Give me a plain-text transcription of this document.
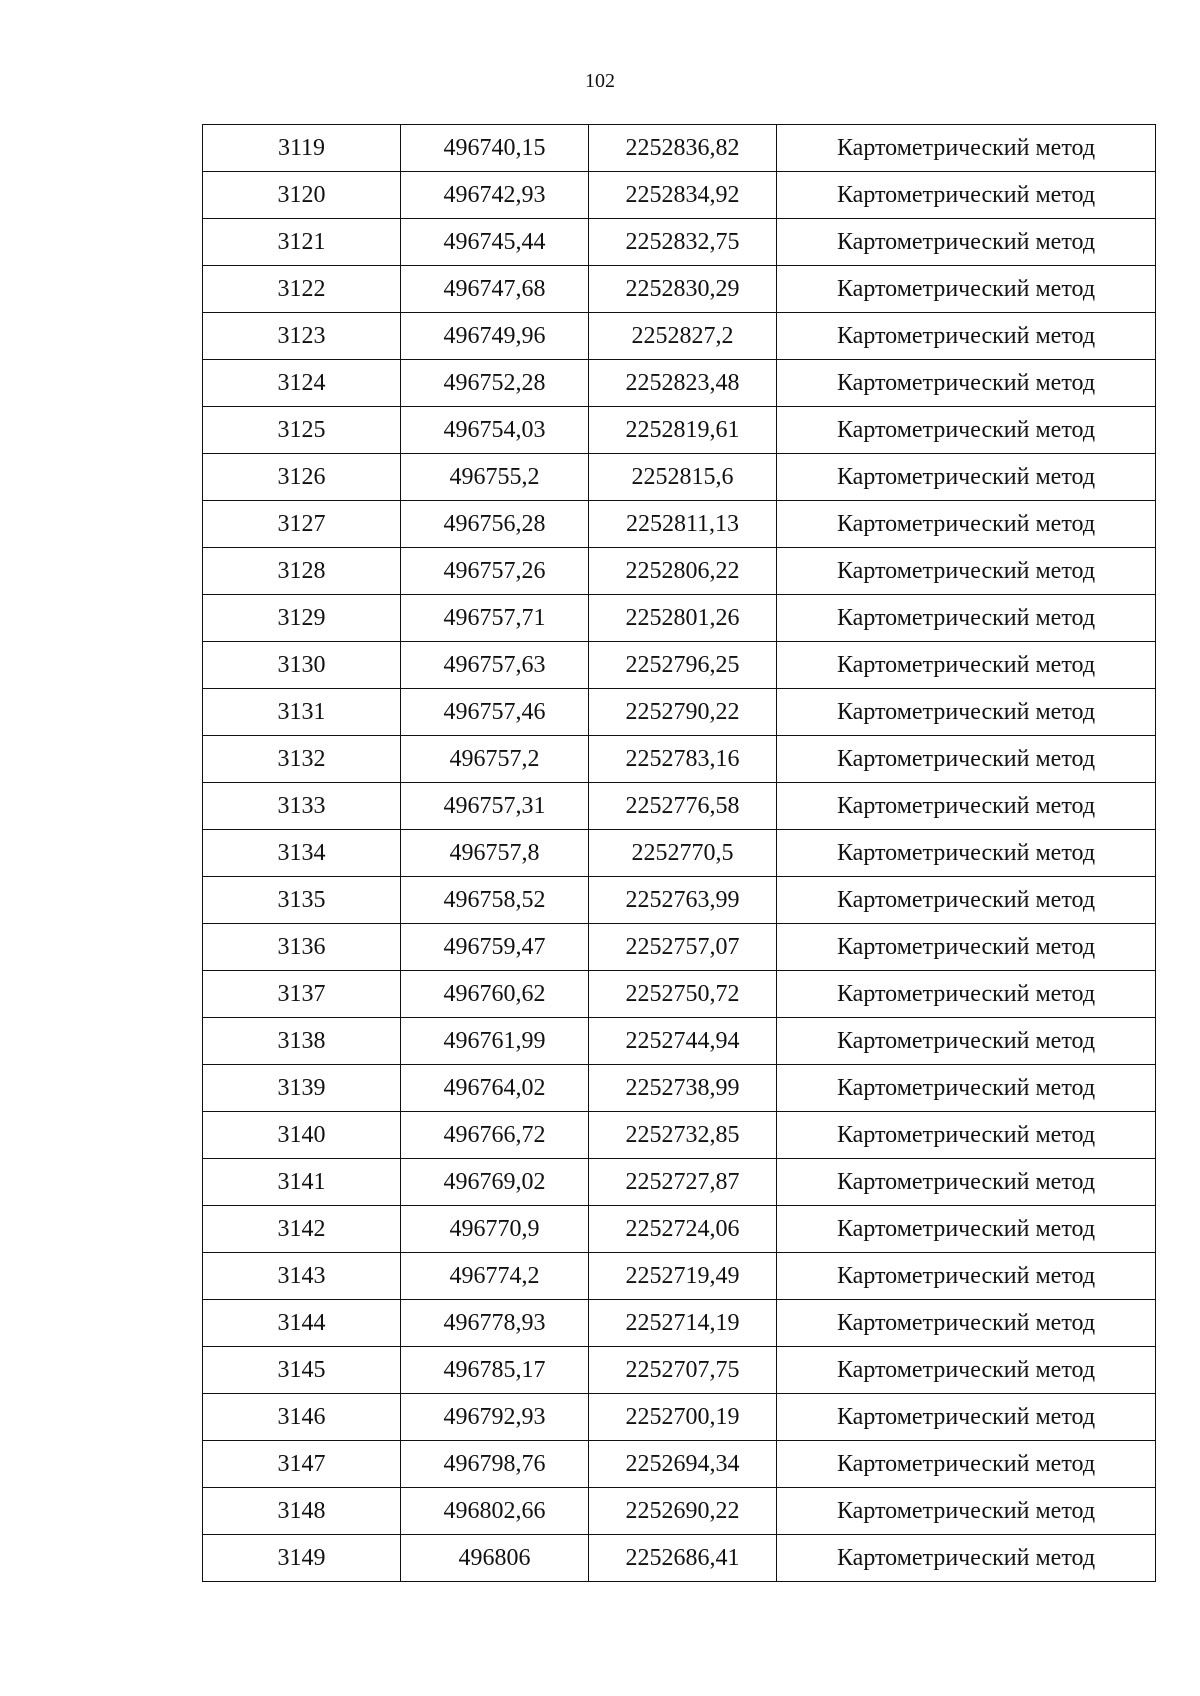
102
3119	496740,15	2252836,82	Картометрический метод
3120	496742,93	2252834,92	Картометрический метод
3121	496745,44	2252832,75	Картометрический метод
3122	496747,68	2252830,29	Картометрический метод
3123	496749,96	2252827,2	Картометрический метод
3124	496752,28	2252823,48	Картометрический метод
3125	496754,03	2252819,61	Картометрический метод
3126	496755,2	2252815,6	Картометрический метод
3127	496756,28	2252811,13	Картометрический метод
3128	496757,26	2252806,22	Картометрический метод
3129	496757,71	2252801,26	Картометрический метод
3130	496757,63	2252796,25	Картометрический метод
3131	496757,46	2252790,22	Картометрический метод
3132	496757,2	2252783,16	Картометрический метод
3133	496757,31	2252776,58	Картометрический метод
3134	496757,8	2252770,5	Картометрический метод
3135	496758,52	2252763,99	Картометрический метод
3136	496759,47	2252757,07	Картометрический метод
3137	496760,62	2252750,72	Картометрический метод
3138	496761,99	2252744,94	Картометрический метод
3139	496764,02	2252738,99	Картометрический метод
3140	496766,72	2252732,85	Картометрический метод
3141	496769,02	2252727,87	Картометрический метод
3142	496770,9	2252724,06	Картометрический метод
3143	496774,2	2252719,49	Картометрический метод
3144	496778,93	2252714,19	Картометрический метод
3145	496785,17	2252707,75	Картометрический метод
3146	496792,93	2252700,19	Картометрический метод
3147	496798,76	2252694,34	Картометрический метод
3148	496802,66	2252690,22	Картометрический метод
3149	496806	2252686,41	Картометрический метод
